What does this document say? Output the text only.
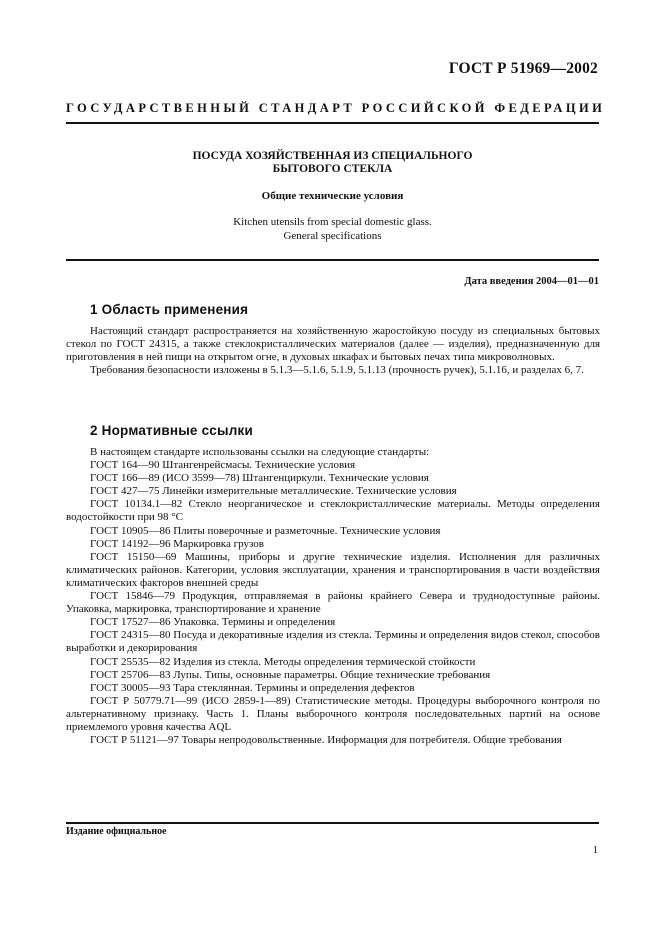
ГОСТ Р 51969—2002
ГОСУДАРСТВЕННЫЙ СТАНДАРТ РОССИЙСКОЙ ФЕДЕРАЦИИ
ПОСУДА ХОЗЯЙСТВЕННАЯ ИЗ СПЕЦИАЛЬНОГО
БЫТОВОГО СТЕКЛА
Общие технические условия
Kitchen utensils from special domestic glass.
General specifications
Дата введения 2004—01—01
1 Область применения

Настоящий стандарт распространяется на хозяйственную жаростойкую посуду из специальных бытовых стекол по ГОСТ 24315, а также стеклокристаллических материалов (далее — изделия), предназначенную для приготовления в ней пищи на открытом огне, в духовых шкафах и бытовых печах типа микроволновых.

Требования безопасности изложены в 5.1.3—5.1.6, 5.1.9, 5.1.13 (прочность ручек), 5.1.16, и разделах 6, 7.

2 Нормативные ссылки

В настоящем стандарте использованы ссылки на следующие стандарты:

ГОСТ 164—90 Штангенрейсмасы. Технические условия

ГОСТ 166—89 (ИСО 3599—78) Штангенциркули. Технические условия

ГОСТ 427—75 Линейки измерительные металлические. Технические условия

ГОСТ 10134.1—82 Стекло неорганическое и стеклокристаллические материалы. Методы определения водостойкости при 98 °С

ГОСТ 10905—86 Плиты поверочные и разметочные. Технические условия

ГОСТ 14192—96 Маркировка грузов

ГОСТ 15150—69 Машины, приборы и другие технические изделия. Исполнения для различных климатических районов. Категории, условия эксплуатации, хранения и транспортирования в части воздействия климатических факторов внешней среды

ГОСТ 15846—79 Продукция, отправляемая в районы крайнего Севера и труднодоступные районы. Упаковка, маркировка, транспортирование и хранение

ГОСТ 17527—86 Упаковка. Термины и определения

ГОСТ 24315—80 Посуда и декоративные изделия из стекла. Термины и определения видов стекол, способов выработки и декорирования

ГОСТ 25535—82 Изделия из стекла. Методы определения термической стойкости

ГОСТ 25706—83 Лупы. Типы, основные параметры. Общие технические требования

ГОСТ 30005—93 Тара стеклянная. Термины и определения дефектов

ГОСТ Р 50779.71—99 (ИСО 2859-1—89) Статистические методы. Процедуры выборочного контроля по альтернативному признаку. Часть 1. Планы выборочного контроля последовательных партий на основе приемлемого уровня качества AQL

ГОСТ Р 51121—97 Товары непродовольственные. Информация для потребителя. Общие требования

Издание официальное
1
